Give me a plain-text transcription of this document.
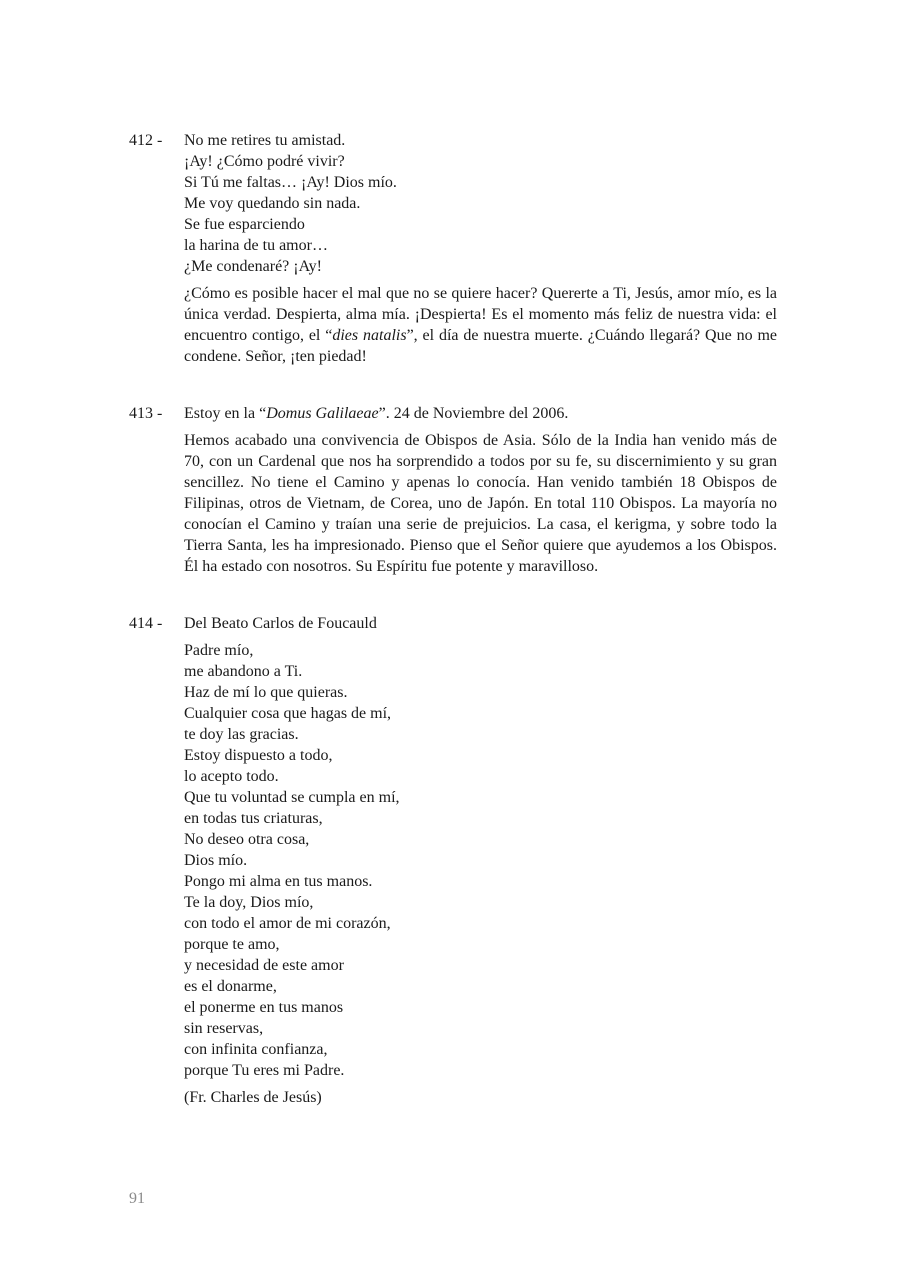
412 - No me retires tu amistad.
¡Ay! ¿Cómo podré vivir?
Si Tú me faltas… ¡Ay! Dios mío.
Me voy quedando sin nada.
Se fue esparciendo
la harina de tu amor…
¿Me condenaré? ¡Ay!

¿Cómo es posible hacer el mal que no se quiere hacer? Quererte a Ti, Jesús, amor mío, es la única verdad. Despierta, alma mía. ¡Despierta! Es el momento más feliz de nuestra vida: el encuentro contigo, el “dies natalis”, el día de nuestra muerte. ¿Cuándo llegará? Que no me condene. Señor, ¡ten piedad!

413 - Estoy en la “Domus Galilaeae”. 24 de Noviembre del 2006.

Hemos acabado una convivencia de Obispos de Asia. Sólo de la India han venido más de 70, con un Cardenal que nos ha sorprendido a todos por su fe, su discernimiento y su gran sencillez. No tiene el Camino y apenas lo conocía. Han venido también 18 Obispos de Filipinas, otros de Vietnam, de Corea, uno de Japón. En total 110 Obispos. La mayoría no conocían el Camino y traían una serie de prejuicios. La casa, el kerigma, y sobre todo la Tierra Santa, les ha impresionado. Pienso que el Señor quiere que ayudemos a los Obispos. Él ha estado con nosotros. Su Espíritu fue potente y maravilloso.

414 - Del Beato Carlos de Foucauld
Padre mío,
me abandono a Ti.
Haz de mí lo que quieras.
Cualquier cosa que hagas de mí,
te doy las gracias.
Estoy dispuesto a todo,
lo acepto todo.
Que tu voluntad se cumpla en mí,
en todas tus criaturas,
No deseo otra cosa,
Dios mío.
Pongo mi alma en tus manos.
Te la doy, Dios mío,
con todo el amor de mi corazón,
porque te amo,
y necesidad de este amor
es el donarme,
el ponerme en tus manos
sin reservas,
con infinita confianza,
porque Tu eres mi Padre.
(Fr. Charles de Jesús)
91
